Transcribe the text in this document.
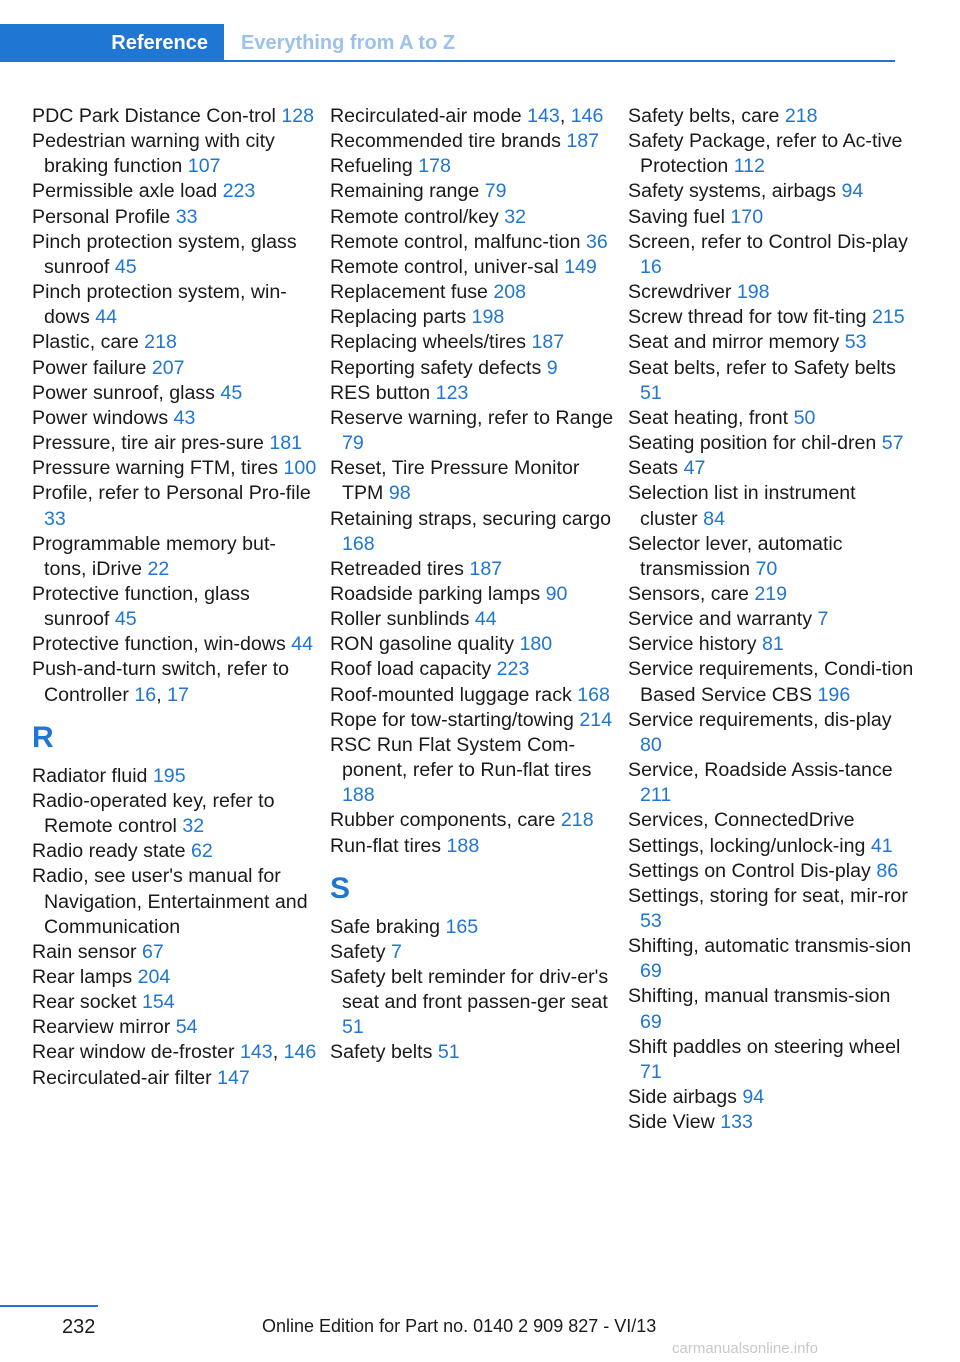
Reference	Everything from A to Z
PDC Park Distance Con‑​trol 128
Pedestrian warning with city braking function 107
Permissible axle load 223
Personal Profile 33
Pinch protection system, glass sunroof 45
Pinch protection system, win‑​dows 44
Plastic, care 218
Power failure 207
Power sunroof, glass 45
Power windows 43
Pressure, tire air pres‑​sure 181
Pressure warning FTM, tires 100
Profile, refer to Personal Pro‑​file 33
Programmable memory but‑​tons, iDrive 22
Protective function, glass sunroof 45
Protective function, win‑​dows 44
Push-and-turn switch, refer to Controller 16, 17
R
Radiator fluid 195
Radio-operated key, refer to Remote control 32
Radio ready state 62
Radio, see user's manual for Navigation, Entertainment and Communication
Rain sensor 67
Rear lamps 204
Rear socket 154
Rearview mirror 54
Rear window de‑​froster 143, 146
Recirculated-air filter 147
Recirculated-air mode 143, 146
Recommended tire brands 187
Refueling 178
Remaining range 79
Remote control/key 32
Remote control, malfunc‑​tion 36
Remote control, univer‑​sal 149
Replacement fuse 208
Replacing parts 198
Replacing wheels/tires 187
Reporting safety defects 9
RES button 123
Reserve warning, refer to Range 79
Reset, Tire Pressure Monitor TPM 98
Retaining straps, securing cargo 168
Retreaded tires 187
Roadside parking lamps 90
Roller sunblinds 44
RON gasoline quality 180
Roof load capacity 223
Roof-mounted luggage rack 168
Rope for tow-starting/​towing 214
RSC Run Flat System Com‑​ponent, refer to Run-flat tires 188
Rubber components, care 218
Run-flat tires 188
S
Safe braking 165
Safety 7
Safety belt reminder for driv‑​er's seat and front passen‑​ger seat 51
Safety belts 51
Safety belts, care 218
Safety Package, refer to Ac‑​tive Protection 112
Safety systems, airbags 94
Saving fuel 170
Screen, refer to Control Dis‑​play 16
Screwdriver 198
Screw thread for tow fit‑​ting 215
Seat and mirror memory 53
Seat belts, refer to Safety belts 51
Seat heating, front 50
Seating position for chil‑​dren 57
Seats 47
Selection list in instrument cluster 84
Selector lever, automatic transmission 70
Sensors, care 219
Service and warranty 7
Service history 81
Service requirements, Condi‑​tion Based Service CBS 196
Service requirements, dis‑​play 80
Service, Roadside Assis‑​tance 211
Services, ConnectedDrive
Settings, locking/unlock‑​ing 41
Settings on Control Dis‑​play 86
Settings, storing for seat, mir‑​ror 53
Shifting, automatic transmis‑​sion 69
Shifting, manual transmis‑​sion 69
Shift paddles on steering wheel 71
Side airbags 94
Side View 133
232	Online Edition for Part no. 0140 2 909 827 - VI/13
carmanualsonline.info
